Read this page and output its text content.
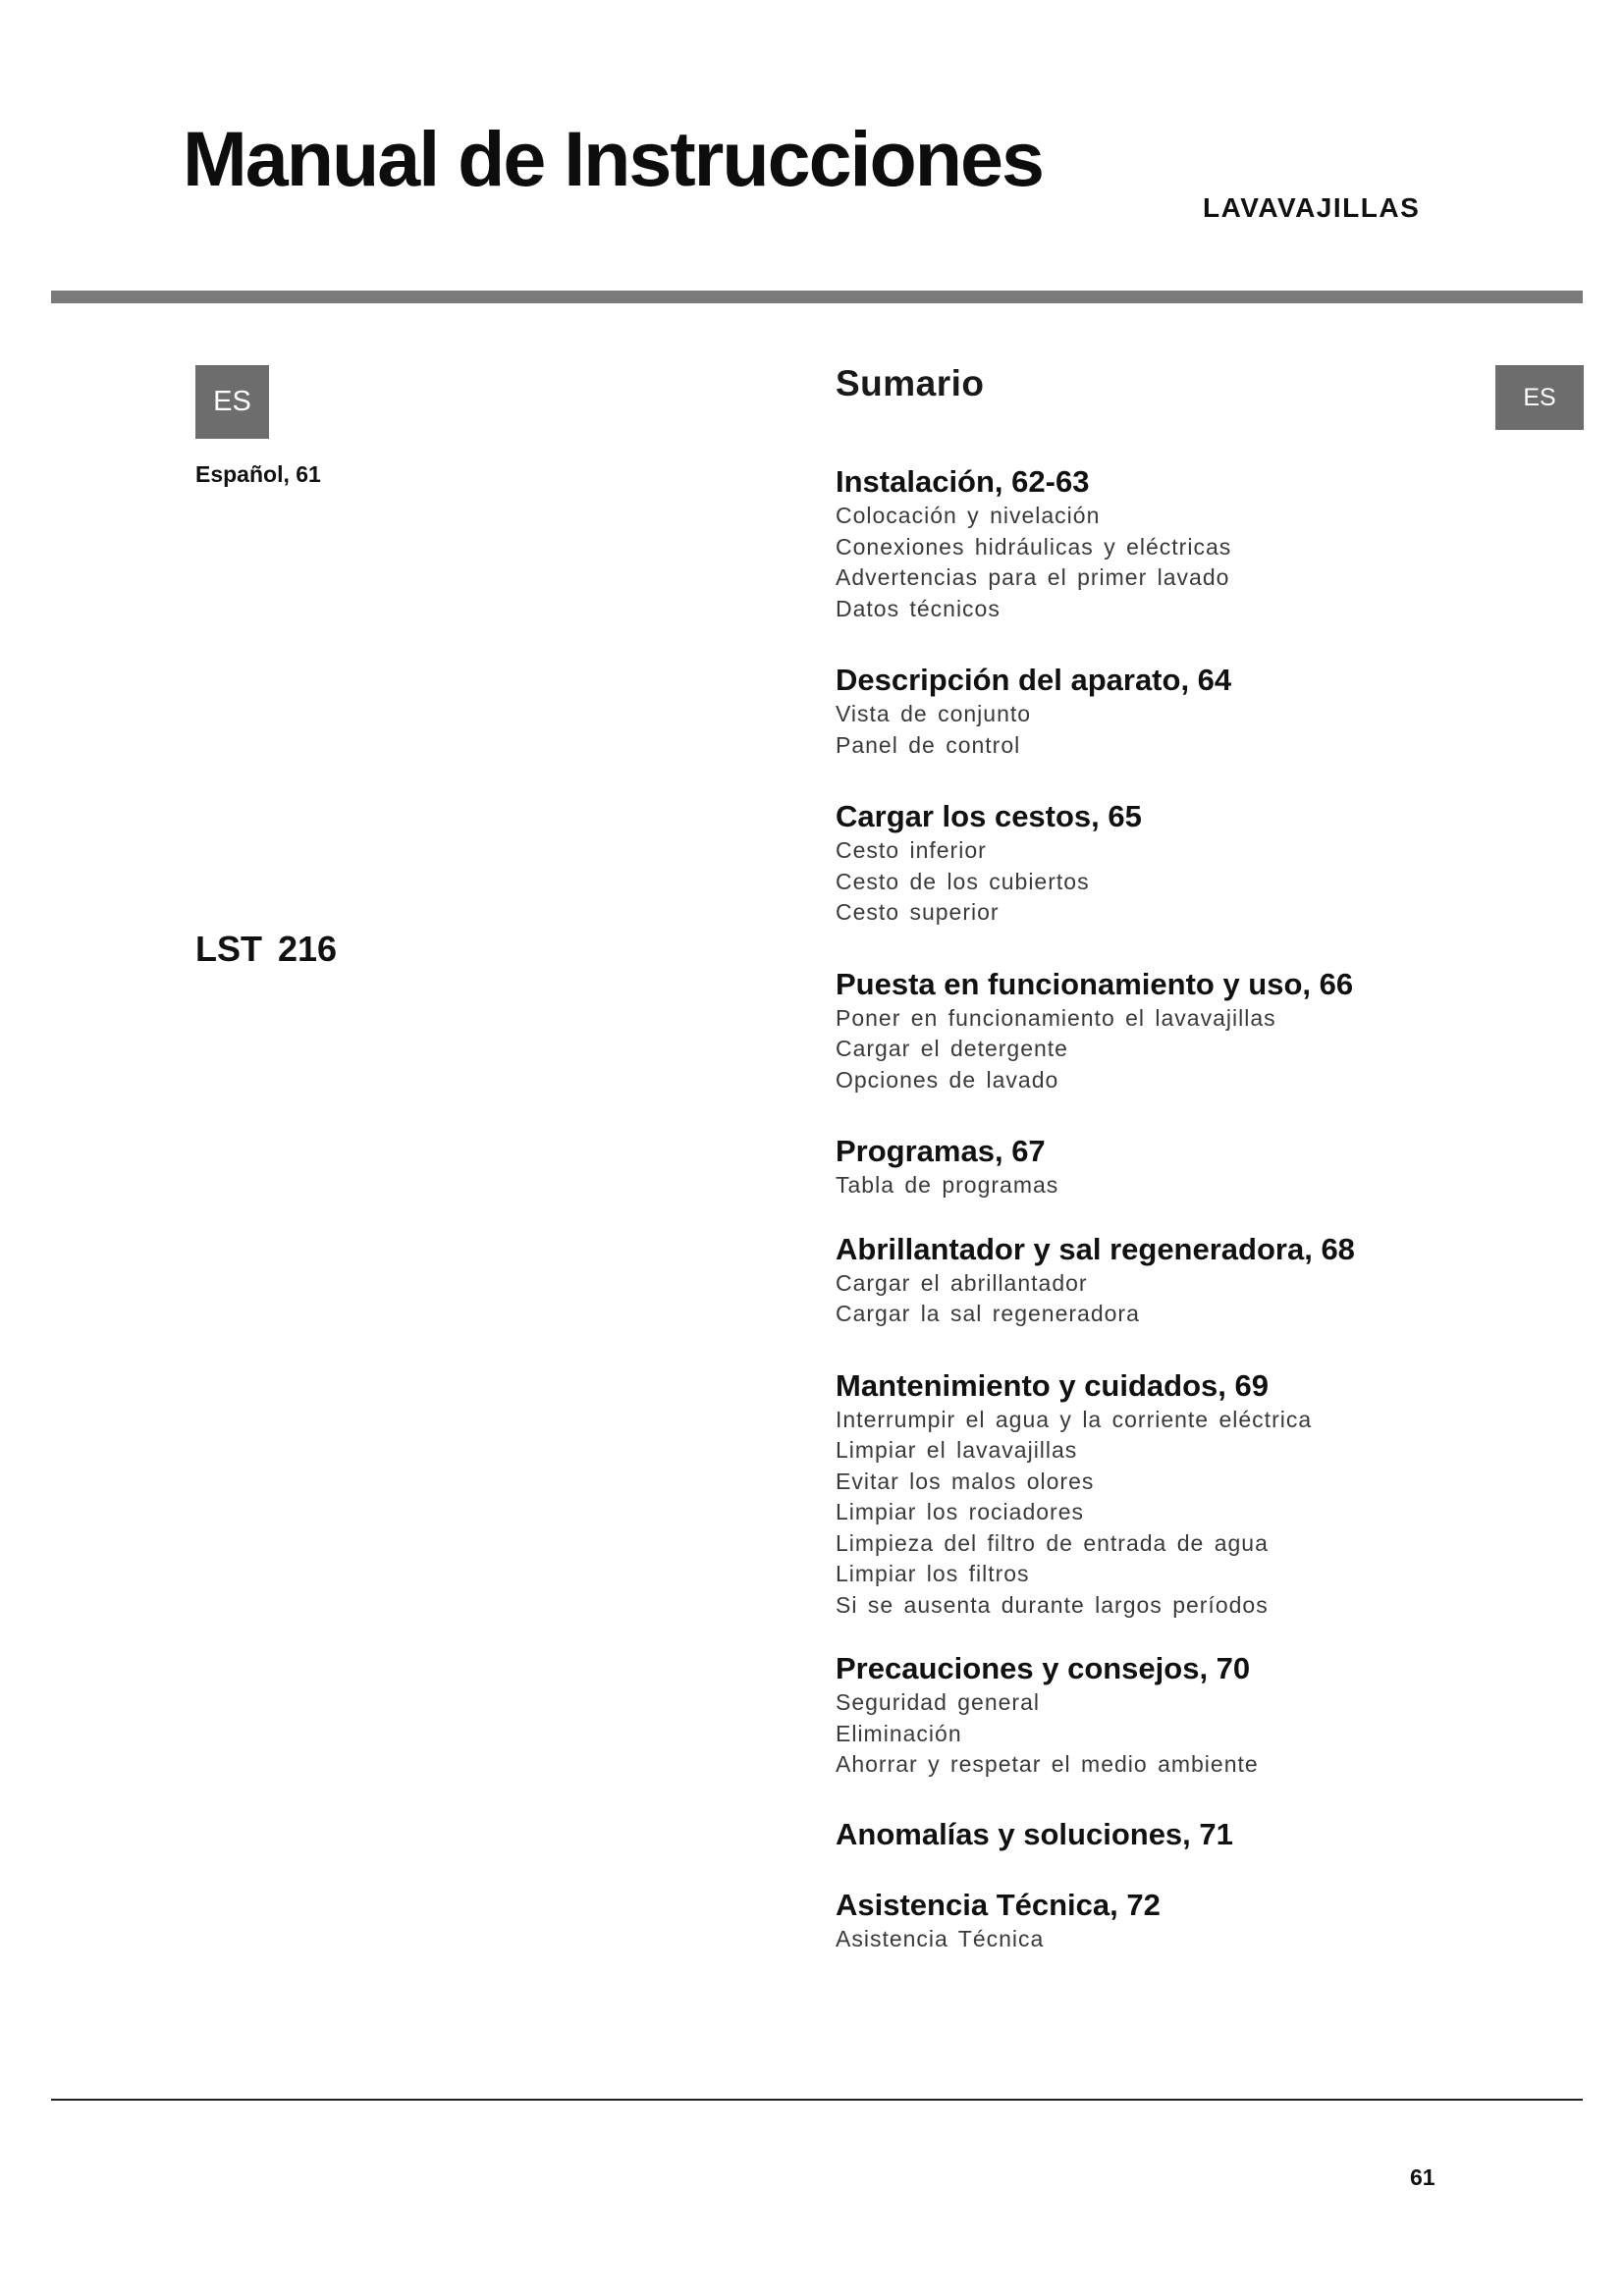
Manual de Instrucciones
LAVAVAJILLAS
ES
Español, 61
LST 216
Sumario	ES
Instalación, 62-63
Colocación y nivelación
Conexiones hidráulicas y eléctricas
Advertencias para el primer lavado
Datos técnicos
Descripción del aparato, 64
Vista de conjunto
Panel de control
Cargar los cestos, 65
Cesto inferior
Cesto de los cubiertos
Cesto superior
Puesta en funcionamiento y uso, 66
Poner en funcionamiento el lavavajillas
Cargar el detergente
Opciones de lavado
Programas, 67
Tabla de programas
Abrillantador y sal regeneradora, 68
Cargar el abrillantador
Cargar la sal regeneradora
Mantenimiento y cuidados, 69
Interrumpir el agua y la corriente eléctrica
Limpiar el lavavajillas
Evitar los malos olores
Limpiar los rociadores
Limpieza del filtro de entrada de agua
Limpiar los filtros
Si se ausenta durante largos períodos
Precauciones y consejos, 70
Seguridad general
Eliminación
Ahorrar y respetar el medio ambiente
Anomalías y soluciones, 71
Asistencia Técnica, 72
Asistencia Técnica
61
